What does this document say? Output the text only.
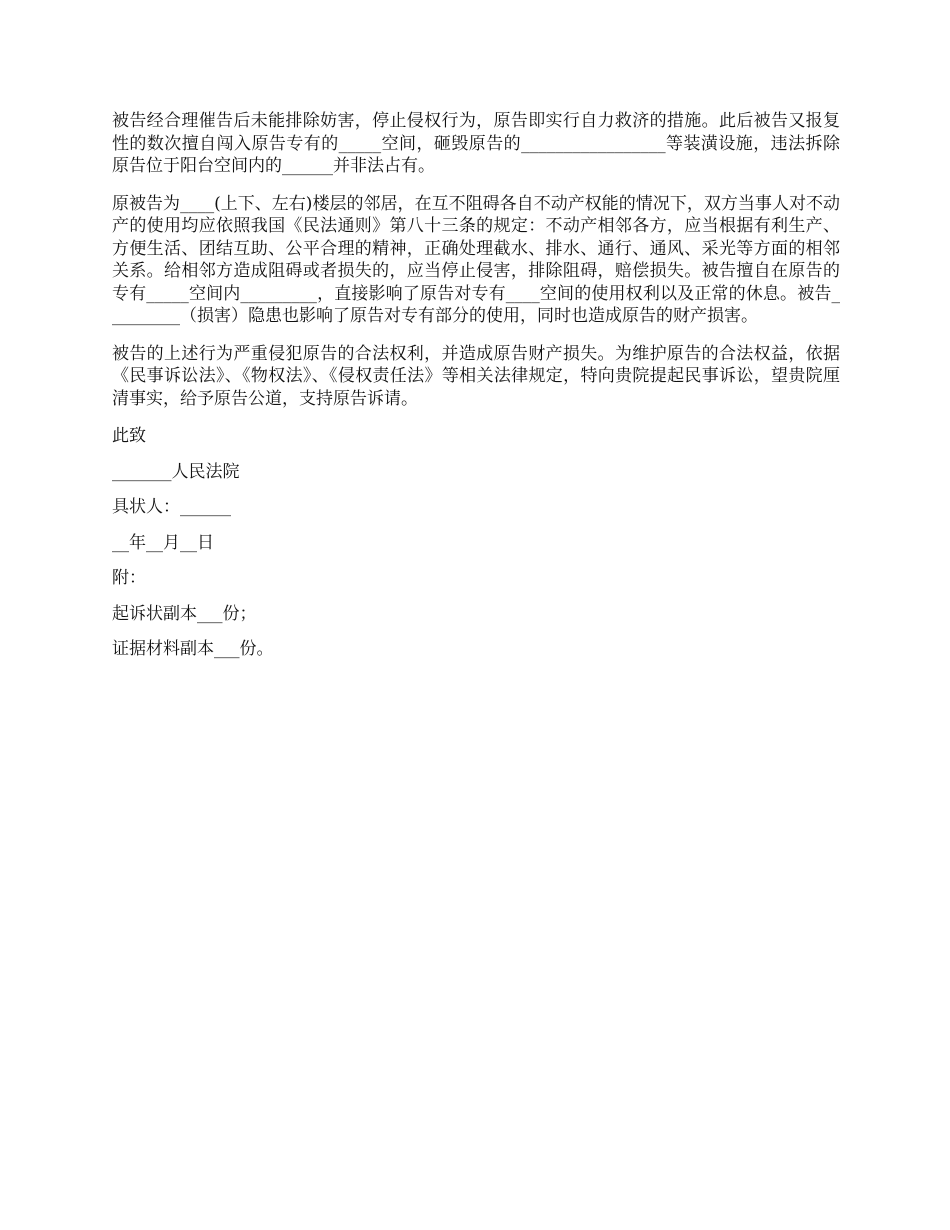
被告经合理催告后未能排除妨害，停止侵权行为，原告即实行自力救济的措施。此后被告又报复性的数次擅自闯入原告专有的_____空间，砸毁原告的_________________等装潢设施，违法拆除原告位于阳台空间内的______并非法占有。

原被告为____(上下、左右)楼层的邻居，在互不阻碍各自不动产权能的情况下，双方当事人对不动产的使用均应依照我国《民法通则》第八十三条的规定：不动产相邻各方，应当根据有利生产、方便生活、团结互助、公平合理的精神，正确处理截水、排水、通行、通风、采光等方面的相邻关系。给相邻方造成阻碍或者损失的，应当停止侵害，排除阻碍，赔偿损失。被告擅自在原告的专有_____空间内_________，直接影响了原告对专有____空间的使用权利以及正常的休息。被告_________（损害）隐患也影响了原告对专有部分的使用，同时也造成原告的财产损害。

被告的上述行为严重侵犯原告的合法权利，并造成原告财产损失。为维护原告的合法权益，依据《民事诉讼法》、《物权法》、《侵权责任法》等相关法律规定，特向贵院提起民事诉讼，望贵院厘清事实，给予原告公道，支持原告诉请。

此致

_______人民法院

具状人：______

__年__月__日

附：

起诉状副本___份；

证据材料副本___份。
